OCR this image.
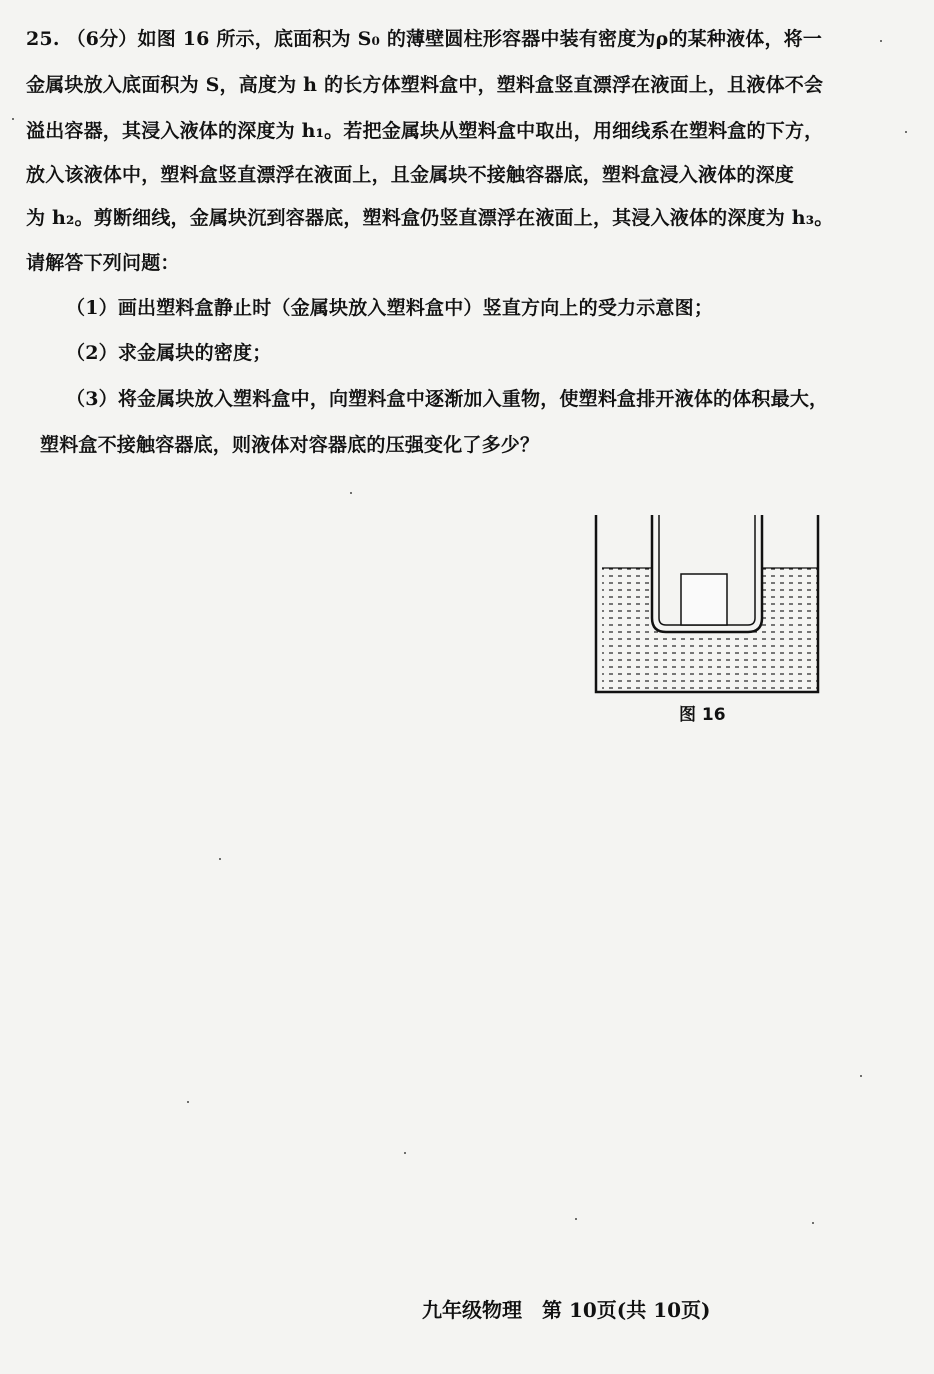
25. （6分）如图 16 所示，底面积为 S₀ 的薄壁圆柱形容器中装有密度为ρ的某种液体，将一
金属块放入底面积为 S，高度为 h 的长方体塑料盒中，塑料盒竖直漂浮在液面上，且液体不会
溢出容器，其浸入液体的深度为 h₁。若把金属块从塑料盒中取出，用细线系在塑料盒的下方，
放入该液体中，塑料盒竖直漂浮在液面上，且金属块不接触容器底，塑料盒浸入液体的深度
为 h₂。剪断细线，金属块沉到容器底，塑料盒仍竖直漂浮在液面上，其浸入液体的深度为 h₃。
请解答下列问题：
（1）画出塑料盒静止时（金属块放入塑料盒中）竖直方向上的受力示意图；
（2）求金属块的密度；
（3）将金属块放入塑料盒中，向塑料盒中逐渐加入重物，使塑料盒排开液体的体积最大，
塑料盒不接触容器底，则液体对容器底的压强变化了多少？
图 16
九年级物理　第 10页(共 10页)
